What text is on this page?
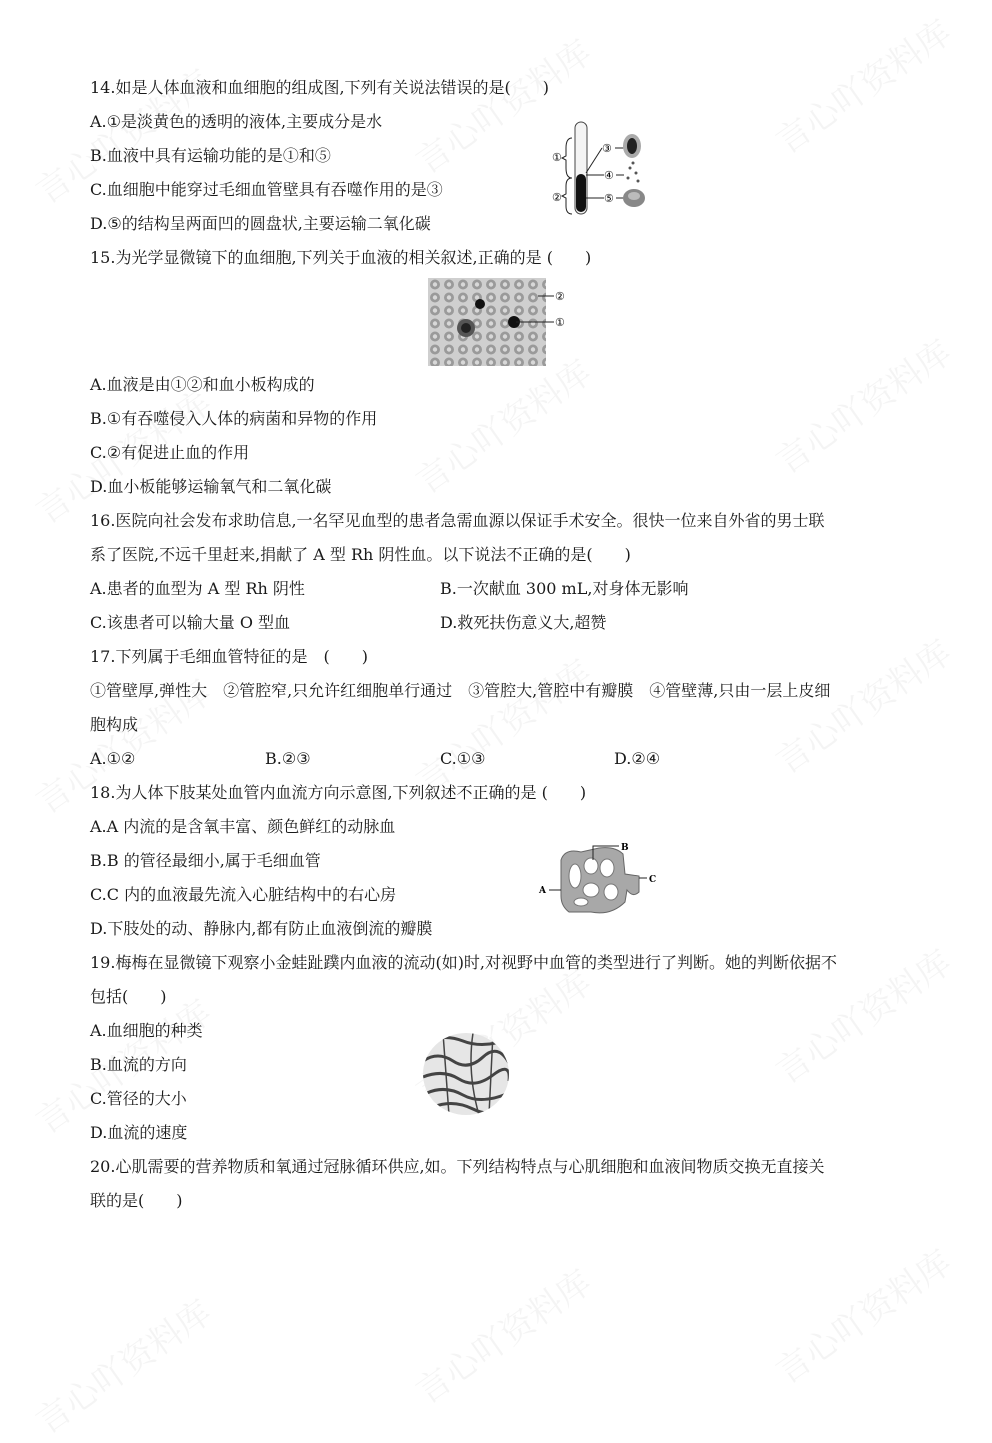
14.如是人体血液和血细胞的组成图,下列有关说法错误的是(　　)
A.①是淡黄色的透明的液体,主要成分是水
B.血液中具有运输功能的是①和⑤
C.血细胞中能穿过毛细血管壁具有吞噬作用的是③
D.⑤的结构呈两面凹的圆盘状,主要运输二氧化碳
①
②
③
④
⑤
15.为光学显微镜下的血细胞,下列关于血液的相关叙述,正确的是 (　　)
②
①
A.血液是由①②和血小板构成的
B.①有吞噬侵入人体的病菌和异物的作用
C.②有促进止血的作用
D.血小板能够运输氧气和二氧化碳
16.医院向社会发布求助信息,一名罕见血型的患者急需血源以保证手术安全。很快一位来自外省的男士联
系了医院,不远千里赶来,捐献了 A 型 Rh 阴性血。以下说法不正确的是(　　)
A.患者的血型为 A 型 Rh 阴性	B.一次献血 300 mL,对身体无影响
C.该患者可以输大量 O 型血	D.救死扶伤意义大,超赞
17.下列属于毛细血管特征的是　(　　)
①管壁厚,弹性大　②管腔窄,只允许红细胞单行通过　③管腔大,管腔中有瓣膜　④管壁薄,只由一层上皮细
胞构成
A.①②	B.②③	C.①③	D.②④
18.为人体下肢某处血管内血流方向示意图,下列叙述不正确的是 (　　)
A.A 内流的是含氧丰富、颜色鲜红的动脉血
B.B 的管径最细小,属于毛细血管
C.C 内的血液最先流入心脏结构中的右心房
D.下肢处的动、静脉内,都有防止血液倒流的瓣膜
B
C
A
19.梅梅在显微镜下观察小金蛙趾蹼内血液的流动(如)时,对视野中血管的类型进行了判断。她的判断依据不
包括(　　)
A.血细胞的种类
B.血流的方向
C.管径的大小
D.血流的速度
20.心肌需要的营养物质和氧通过冠脉循环供应,如。下列结构特点与心肌细胞和血液间物质交换无直接关
联的是(　　)
